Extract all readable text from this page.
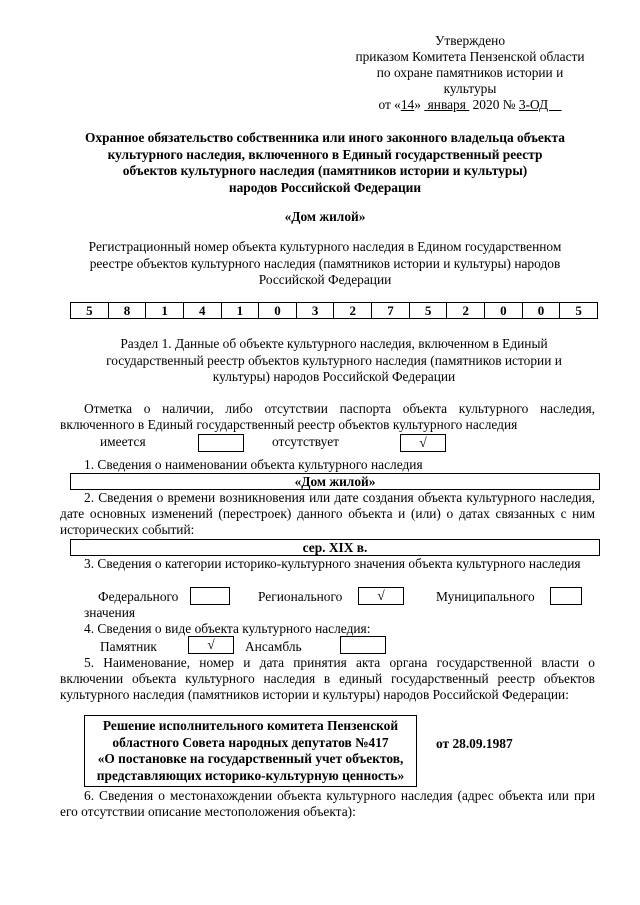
Утверждено
приказом Комитета Пензенской области
по охране памятников истории и
культуры
от «14»  января  2020 № 3-ОД
Охранное обязательство собственника или иного законного владельца объекта
культурного наследия, включенного в Единый государственный реестр
объектов культурного наследия (памятников истории и культуры)
народов Российской Федерации
«Дом жилой»
Регистрационный номер объекта культурного наследия в Едином государственном
реестре объектов культурного наследия (памятников истории и культуры) народов
Российской Федерации
5	8	1	4	1	0	3	2	7	5	2	0	0	5
Раздел 1. Данные об объекте культурного наследия, включенном в Единый
государственный реестр объектов культурного наследия (памятников истории и
культуры) народов Российской Федерации
Отметка о наличии, либо отсутствии паспорта объекта культурного наследия, включенного в Единый государственный реестр объектов культурного наследия
имеется	отсутствует	√
1. Сведения о наименовании объекта культурного наследия
«Дом жилой»
2. Сведения о времени возникновения или дате создания объекта культурного наследия, дате основных изменений (перестроек) данного объекта и (или) о датах связанных с ним исторических событий:
сер. XIX в.
3. Сведения о категории историко-культурного значения объекта культурного наследия
Федерального	Регионального	√	Муниципального
значения
4. Сведения о виде объекта культурного наследия:
Памятник	√	Ансамбль
5. Наименование, номер и дата принятия акта органа государственной власти о включении объекта культурного наследия в единый государственный реестр объектов культурного наследия (памятников истории и культуры) народов Российской Федерации:
Решение исполнительного комитета Пензенской
областного Совета народных депутатов №417
«О постановке на государственный учет объектов,
представляющих историко-культурную ценность»
от 28.09.1987
6. Сведения о местонахождении объекта культурного наследия (адрес объекта или при его отсутствии описание местоположения объекта):
